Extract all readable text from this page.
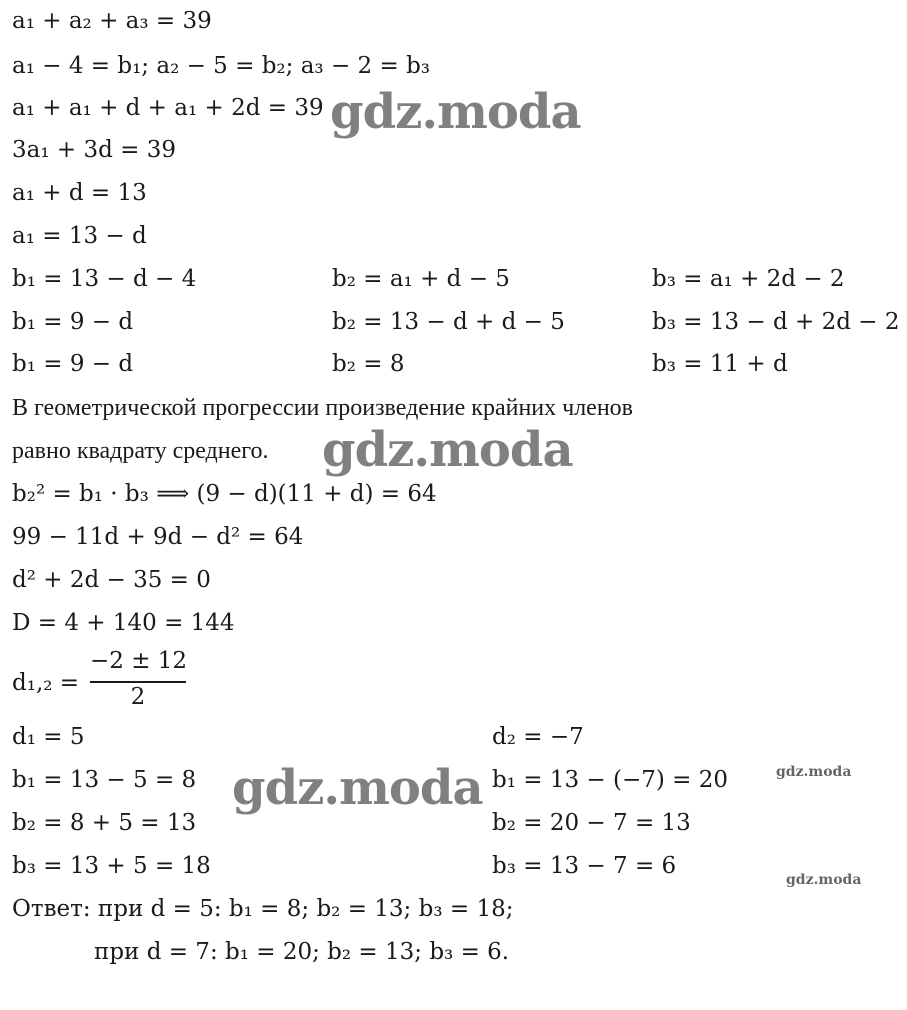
a₁ + a₂ + a₃ = 39
a₁ − 4 = b₁; a₂ − 5 = b₂; a₃ − 2 = b₃
a₁ + a₁ + d + a₁ + 2d = 39
3a₁ + 3d = 39
a₁ + d = 13
a₁ = 13 − d
b₁ = 13 − d − 4	b₂ = a₁ + d − 5	b₃ = a₁ + 2d − 2
b₁ = 9 − d	b₂ = 13 − d + d − 5	b₃ = 13 − d + 2d − 2
b₁ = 9 − d	b₂ = 8	b₃ = 11 + d
В геометрической прогрессии произведение крайних членов
равно квадрату среднего.
b₂² = b₁ · b₃ ⟹ (9 − d)(11 + d) = 64
99 − 11d + 9d − d² = 64
d² + 2d − 35 = 0
D = 4 + 140 = 144
d₁,₂ =
−2 ± 12
2
d₁ = 5	d₂ = −7
b₁ = 13 − 5 = 8	b₁ = 13 − (−7) = 20
b₂ = 8 + 5 = 13	b₂ = 20 − 7 = 13
b₃ = 13 + 5 = 18	b₃ = 13 − 7 = 6
Ответ: при d = 5: b₁ = 8; b₂ = 13; b₃ = 18;
при d = 7: b₁ = 20; b₂ = 13; b₃ = 6.
gdz.moda
gdz.moda
gdz.moda	gdz.moda
gdz.moda
